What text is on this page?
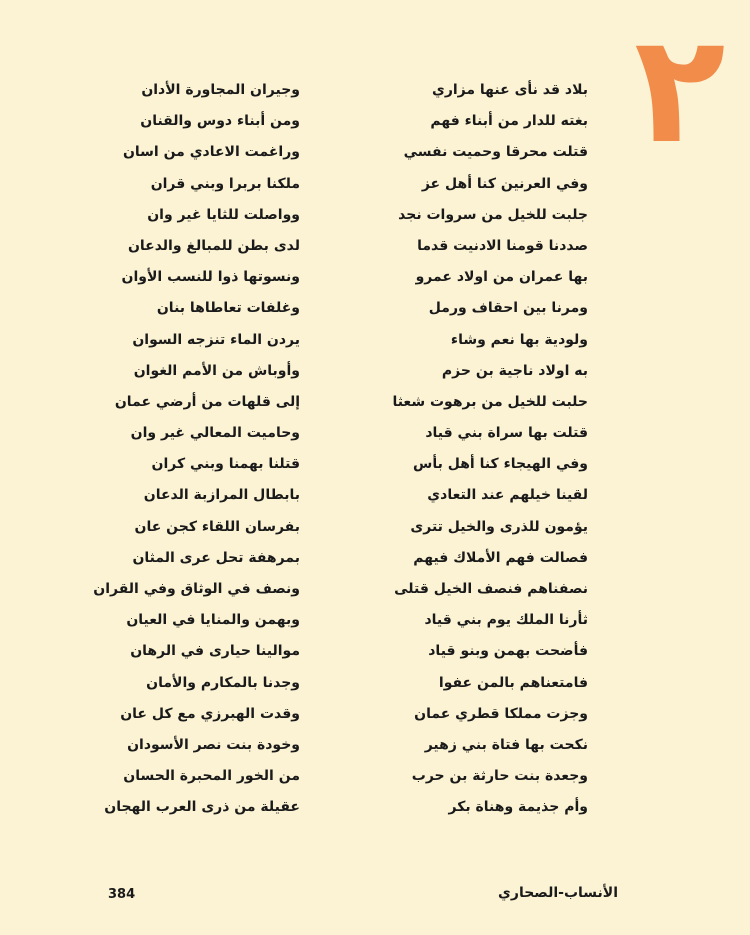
٢
بلاد قد نأى عنها مزاري
وجيران المجاورة الأدان
بغته للدار من أبناء فهم
ومن أبناء دوس والقنان
قتلت محرقا وحميت نفسي
وراغمت الاعادي من اسان
وفي العرنين كنا أهل عز
ملكنا بربرا وبني قران
جلبت للخيل من سروات نجد
وواصلت للثايا غير وان
صددنا قومنا الادنيت قدما
لدى بطن للمبالغ والدعان
بها عمران من اولاد عمرو
ونسوتها ذوا للنسب الأوان
ومرنا بين احقاف ورمل
وغلفات تعاطاها بنان
ولودية بها نعم وشاء
يردن الماء تنزجه السوان
به اولاد ناجية بن حزم
وأوباش من الأمم الغوان
حلبت للخيل من برهوت شعثا
إلى قلهات من أرضي عمان
قتلت بها سراة بني قياد
وحاميت المعالي غير وان
وفي الهيجاء كنا أهل بأس
قتلنا بهمنا وبني كران
لقينا خيلهم عند التعادي
بابطال المرازبة الدعان
يؤمون للذرى والخيل تترى
بفرسان اللقاء كجن عان
فصالت فهم الأملاك فيهم
بمرهفة تحل عرى المثان
نصفناهم فنصف الخيل قتلى
ونصف في الوثاق وفي القران
ثأرنا الملك يوم بني قياد
وبهمن والمنايا في العيان
فأضحت بهمن وبنو قياد
موالينا حيارى في الرهان
فامتعناهم بالمن عفوا
وجدنا بالمكارم والأمان
وجزت مملكا قطري عمان
وقدت الهبرزي مع كل عان
نكحت بها فتاة بني زهير
وخودة بنت نصر الأسودان
وجعدة بنت حارثة بن حرب
من الخور المحبرة الحسان
وأم جذيمة وهناة بكر
عقيلة من ذرى العرب الهجان
384	الأنساب-الصحاري
